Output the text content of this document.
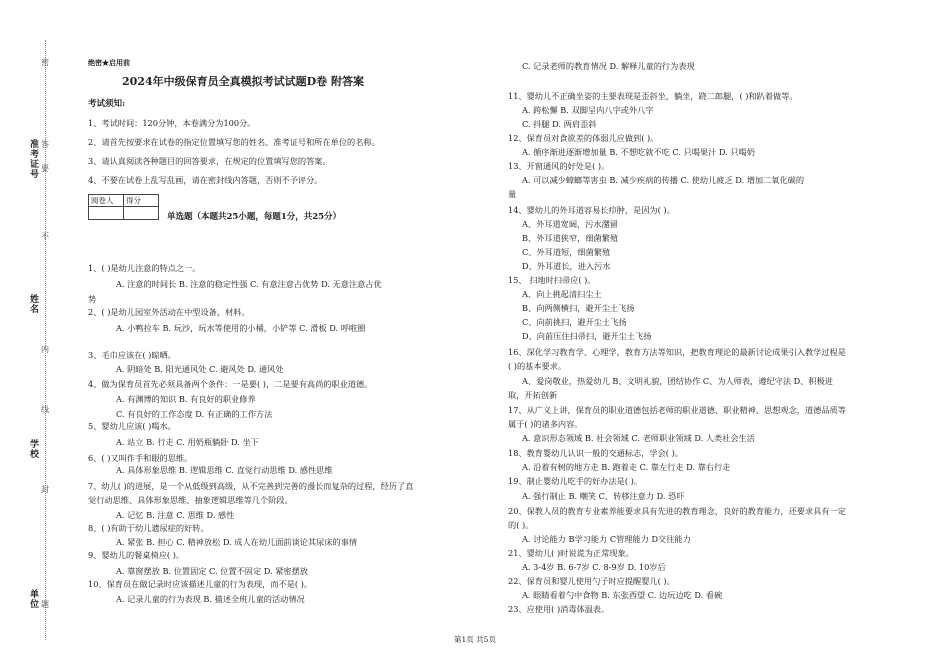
准考证号
姓名
学校
单位
密
封
线
内
不
要
答
题
绝密★启用前
2024年中级保育员全真模拟考试试题D卷 附答案
考试须知:
1、考试时间：120分钟，本卷满分为100分。
2、请首先按要求在试卷的指定位置填写您的姓名、准考证号和所在单位的名称。
3、请认真阅读各种题目的回答要求，在规定的位置填写您的答案。
4、不要在试卷上乱写乱画，请在密封线内答题，否则不予评分。
阅卷人	得分

单选题（本题共25小题，每题1分，共25分）
1、( )是幼儿注意的特点之一。
A. 注意的时间长 B. 注意的稳定性强 C. 有意注意占优势 D. 无意注意占优
势
2、( )是幼儿园室外活动在中型设备，材料。
A. 小鸭拉车 B. 玩沙，玩水等使用的小桶，小铲等 C. 滑板 D. 呼啦圈
3、毛巾应该在( )晾晒。
A. 阴暗处 B. 阳光通风处 C. 避风处 D. 通风处
4、做为保育员首先必须具备两个条件：一是要( )，二是要有高尚的职业道德。
A. 有渊博的知识 B. 有良好的职业修养
C. 有良好的工作态度 D. 有正确的工作方法
5、婴幼儿应该( )喝水。
A. 站立 B. 行走 C. 用奶瓶躺卧 D. 坐下
6、( )又叫作手和眼的思维。
A. 具体形象思维 B. 逻辑思维 C. 直觉行动思维 D. 感性思维
7、幼儿( )的进展，是一个从低级到高级，从不完善到完善的漫长而复杂的过程，经历了直
觉行动思维、具体形象思维、抽象逻辑思维等几个阶段。
A. 记忆 B. 注意 C. 思维 D. 感性
8、( )有助于幼儿遗尿症的好转。
A. 紧张 B. 担心 C. 精神放松 D. 成人在幼儿面前谈论其尿床的事情
9、婴幼儿的餐桌椅应( )。
A. 靠窗摆放 B. 位置固定 C. 位置不固定 D. 紧密摆放
10、保育员在做记录时应该描述儿童的行为表现，而不是( )。
A. 记录儿童的行为表现 B. 描述全班儿童的活动情况
C. 记录老师的教育情况 D. 解释儿童的行为表现
11、婴幼儿不正确坐姿的主要表现是歪斜坐，躺坐，跷二郎腿，( )和趴着做等。
A. 跨松懈 B. 双脚呈内八字或外八字
C. 抖腿 D. 两肩歪斜
12、保育员对食欲差的体弱儿应做到( )。
A. 循序渐进逐渐增加量 B. 不想吃就不吃 C. 只喝果汁 D. 只喝奶
13、开窗通风的好处是( )。
A. 可以减少蟑螂等害虫 B. 减少疾病的传播 C. 使幼儿疲乏 D. 增加二氧化碳的
量
14、婴幼儿的外耳道容易长疖肿，是因为( )。
A、外耳道宽阔，污水潴留
B、外耳道狭窄，细菌繁殖
C、外耳道短，细菌繁殖
D、外耳道长，进入污水
15、 扫地时扫帚应( )。
A、向上挑起清扫尘土
B、向两侧横扫，避开尘土飞扬
C、向前挑扫，避开尘土飞扬
D、向前压住扫帚扫，避开尘土飞扬
16、深化学习教育学、心理学，教育方法等知识，把教育理论的最新讨论成果引入教学过程是
( )的基本要求。
A、爱岗敬业，热爱幼儿 B、文明礼貌，团结协作 C、为人师表，遵纪守法 D、积极进
取，开拓创新
17、从广义上讲，保育员的职业道德包括老师的职业道德、职业精神、思想观念，道德品质等
属于( )的诸多内容。
A. 意识形态领域 B. 社会领域 C. 老师职业领域 D. 人类社会生活
18、教育婴幼儿认识一般的交通标志，学会( )。
A. 沿着有树的地方走 B. 跑着走 C. 靠左行走 D. 靠右行走
19、制止婴幼儿吃手的好办法是( )。
A. 强行制止 B. 嘲笑 C、转移注意力 D. 恐吓
20、保教人员的教育专业素养能要求具有先进的教育理念，良好的教育能力，还要求具有一定
的( )。
A. 讨论能力 B学习能力 C管理能力 D交往能力
21、婴幼儿( )时说谎为正常现象。
A. 3-4岁 B. 6-7岁 C. 8-9岁 D. 10岁后
22、保育员和婴儿使用勺子时应提醒婴儿( )。
A. 眼睛看着勺中食物 B. 东张西望 C. 边玩边吃 D. 看碗
23、应使用( )消毒体温表。
第1页 共5页
